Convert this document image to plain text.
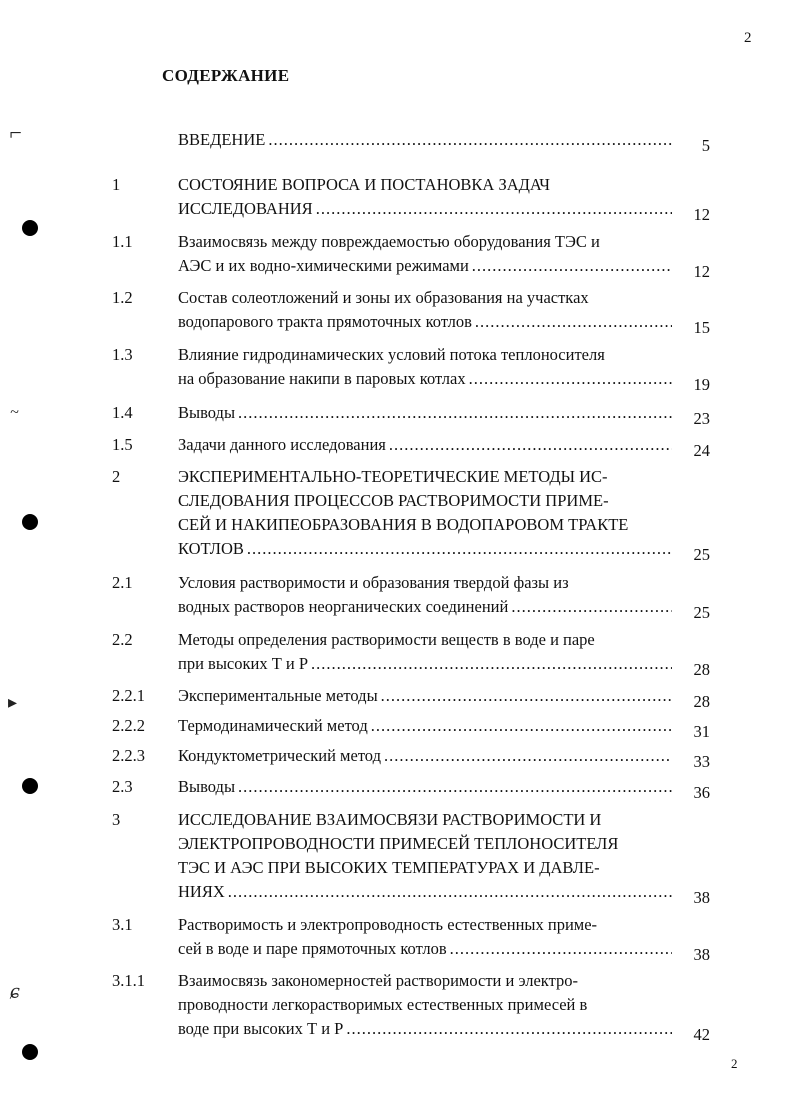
2
СОДЕРЖАНИЕ
⌐
~
▸
ɕ
ВВЕДЕНИЕ .....	5
1	СОСТОЯНИЕ ВОПРОСА И ПОСТАНОВКА ЗАДАЧ
ИССЛЕДОВАНИЯ .....	12
1.1	Взаимосвязь между повреждаемостью оборудования ТЭС и
АЭС и их водно-химическими режимами .....	12
1.2	Состав солеотложений и зоны их образования на участках
водопарового тракта прямоточных котлов .....	15
1.3	Влияние гидродинамических условий потока теплоносителя
на образование накипи в паровых котлах .....	19
1.4	Выводы .....	23
1.5	Задачи данного исследования .....	24
2	ЭКСПЕРИМЕНТАЛЬНО-ТЕОРЕТИЧЕСКИЕ МЕТОДЫ ИС-
СЛЕДОВАНИЯ ПРОЦЕССОВ РАСТВОРИМОСТИ ПРИМЕ-
СЕЙ И НАКИПЕОБРАЗОВАНИЯ В ВОДОПАРОВОМ ТРАКТЕ
КОТЛОВ .....	25
2.1	Условия растворимости и образования твердой фазы из
водных растворов неорганических соединений .....	25
2.2	Методы определения растворимости веществ в воде и паре
при высоких Т и Р .....	28
2.2.1 Экспериментальные методы .....	28
2.2.2 Термодинамический метод .....	31
2.2.3 Кондуктометрический метод .....	33
2.3	Выводы .....	36
3	ИССЛЕДОВАНИЕ ВЗАИМОСВЯЗИ РАСТВОРИМОСТИ И
ЭЛЕКТРОПРОВОДНОСТИ ПРИМЕСЕЙ ТЕПЛОНОСИТЕЛЯ
ТЭС И АЭС ПРИ ВЫСОКИХ ТЕМПЕРАТУРАХ И ДАВЛЕ-
НИЯХ .....	38
3.1	Растворимость и электропроводность естественных приме-
сей в воде и паре прямоточных котлов .....	38
3.1.1 Взаимосвязь закономерностей растворимости и электро-
проводности легкорастворимых естественных примесей в
воде при высоких Т и Р .....	42
2
